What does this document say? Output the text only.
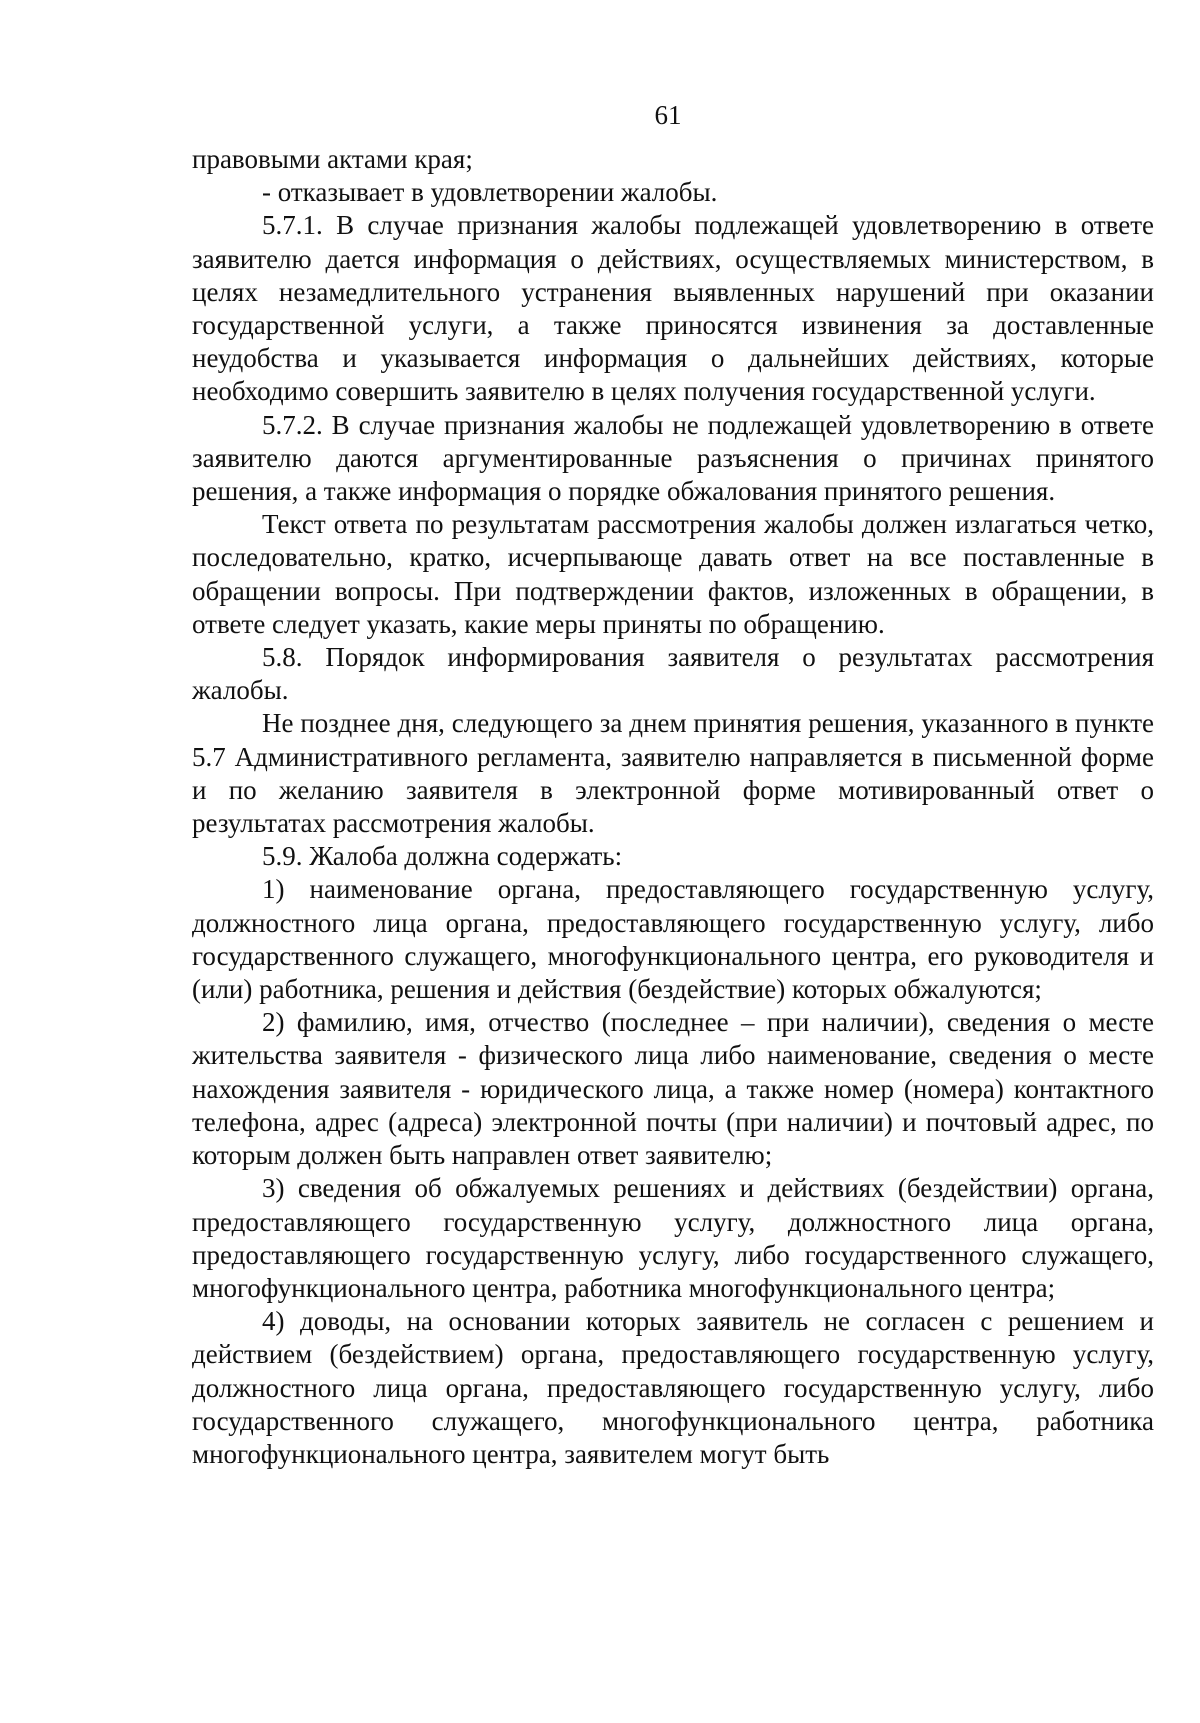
61

правовыми актами края;

- отказывает в удовлетворении жалобы.

5.7.1. В случае признания жалобы подлежащей удовлетворению в ответе заявителю дается информация о действиях, осуществляемых министерством, в целях незамедлительного устранения выявленных нарушений при оказании государственной услуги, а также приносятся извинения за доставленные неудобства и указывается информация о дальнейших действиях, которые необходимо совершить заявителю в целях получения государственной услуги.

5.7.2. В случае признания жалобы не подлежащей удовлетворению в ответе заявителю даются аргументированные разъяснения о причинах принятого решения, а также информация о порядке обжалования принятого решения.

Текст ответа по результатам рассмотрения жалобы должен излагаться четко, последовательно, кратко, исчерпывающе давать ответ на все поставленные в обращении вопросы. При подтверждении фактов, изложенных в обращении, в ответе следует указать, какие меры приняты по обращению.

5.8. Порядок информирования заявителя о результатах рассмотрения жалобы.

Не позднее дня, следующего за днем принятия решения, указанного в пункте 5.7 Административного регламента, заявителю направляется в письменной форме и по желанию заявителя в электронной форме мотивированный ответ о результатах рассмотрения жалобы.

5.9. Жалоба должна содержать:

1) наименование органа, предоставляющего государственную услугу, должностного лица органа, предоставляющего государственную услугу, либо государственного служащего, многофункционального центра, его руководителя и (или) работника, решения и действия (бездействие) которых обжалуются;

2) фамилию, имя, отчество (последнее – при наличии), сведения о месте жительства заявителя - физического лица либо наименование, сведения о месте нахождения заявителя - юридического лица, а также номер (номера) контактного телефона, адрес (адреса) электронной почты (при наличии) и почтовый адрес, по которым должен быть направлен ответ заявителю;

3) сведения об обжалуемых решениях и действиях (бездействии) органа, предоставляющего государственную услугу, должностного лица органа, предоставляющего государственную услугу, либо государственного служащего, многофункционального центра, работника многофункционального центра;

4) доводы, на основании которых заявитель не согласен с решением и действием (бездействием) органа, предоставляющего государственную услугу, должностного лица органа, предоставляющего государственную услугу, либо государственного служащего, многофункционального центра, работника многофункционального центра, заявителем могут быть
